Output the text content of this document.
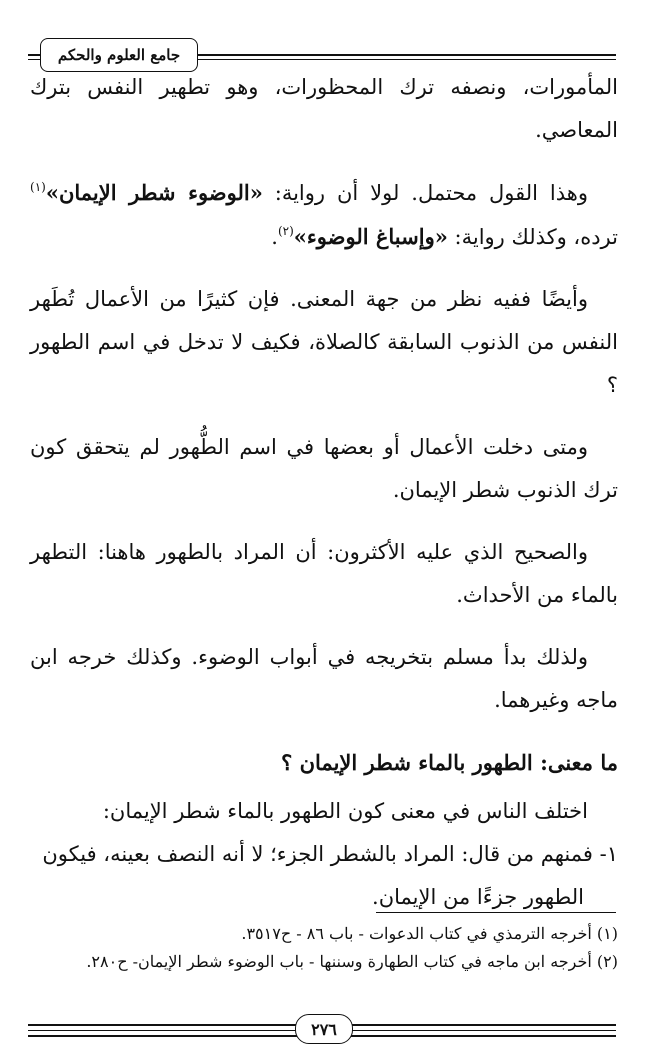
جامع العلوم والحكم

المأمورات، ونصفه ترك المحظورات، وهو تطهير النفس بترك المعاصي.

وهذا القول محتمل. لولا أن رواية: «الوضوء شطر الإيمان»$^{(١)}$ ترده، وكذلك رواية: «وإسباغ الوضوء»$^{(٢)}$.

وأيضًا ففيه نظر من جهة المعنى. فإن كثيرًا من الأعمال تُطَهر النفس من الذنوب السابقة كالصلاة، فكيف لا تدخل في اسم الطهور ؟

ومتى دخلت الأعمال أو بعضها في اسم الطُّهور لم يتحقق كون ترك الذنوب شطر الإيمان.

والصحيح الذي عليه الأكثرون: أن المراد بالطهور هاهنا: التطهر بالماء من الأحداث.

ولذلك بدأ مسلم بتخريجه في أبواب الوضوء. وكذلك خرجه ابن ماجه وغيرهما.

ما معنى: الطهور بالماء شطر الإيمان ؟

اختلف الناس في معنى كون الطهور بالماء شطر الإيمان:

١- فمنهم من قال: المراد بالشطر الجزء؛ لا أنه النصف بعينه، فيكون

الطهور جزءًا من الإيمان.

(١) أخرجه الترمذي في كتاب الدعوات - باب ٨٦ - ح٣٥١٧.

(٢) أخرجه ابن ماجه في كتاب الطهارة وسننها - باب الوضوء شطر الإيمان- ح٢٨٠.

٢٧٦
